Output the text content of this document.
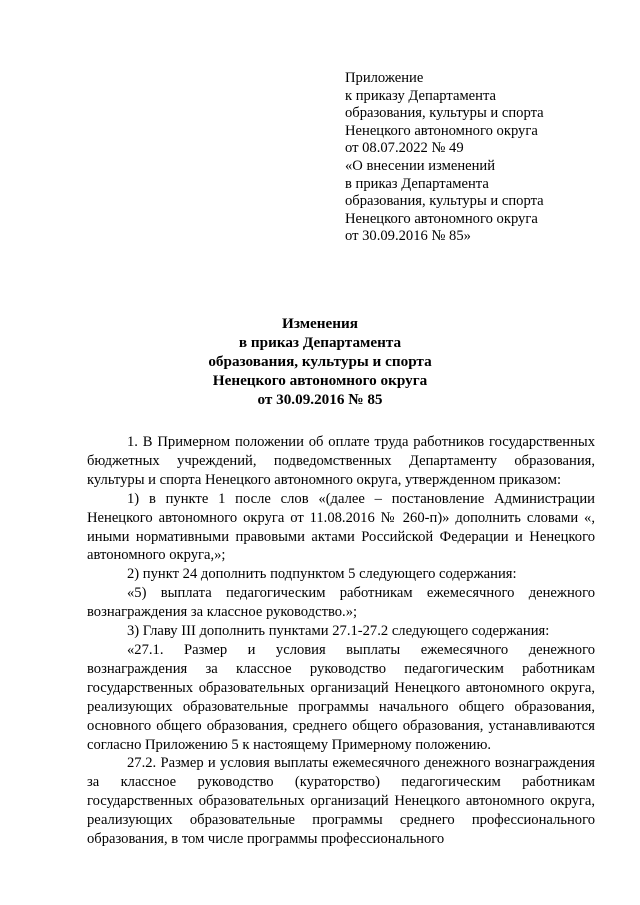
Приложение
к приказу Департамента
образования, культуры и спорта
Ненецкого автономного округа
от 08.07.2022 № 49
«О внесении изменений
в приказ Департамента
образования, культуры и спорта
Ненецкого автономного округа
от 30.09.2016 № 85»
Изменения
в приказ Департамента
образования, культуры и спорта
Ненецкого автономного округа
от 30.09.2016 № 85

1. В Примерном положении об оплате труда работников государственных бюджетных учреждений, подведомственных Департаменту образования, культуры и спорта Ненецкого автономного округа, утвержденном приказом:

1) в пункте 1 после слов «(далее – постановление Администрации Ненецкого автономного округа от 11.08.2016 № 260-п)» дополнить словами «, иными нормативными правовыми актами Российской Федерации и Ненецкого автономного округа,»;

2) пункт 24 дополнить подпунктом 5 следующего содержания:

«5) выплата педагогическим работникам ежемесячного денежного вознаграждения за классное руководство.»;

3) Главу III дополнить пунктами 27.1-27.2 следующего содержания:

«27.1. Размер и условия выплаты ежемесячного денежного вознаграждения за классное руководство педагогическим работникам государственных образовательных организаций Ненецкого автономного округа, реализующих образовательные программы начального общего образования, основного общего образования, среднего общего образования, устанавливаются согласно Приложению 5 к настоящему Примерному положению.

27.2. Размер и условия выплаты ежемесячного денежного вознаграждения за классное руководство (кураторство) педагогическим работникам государственных образовательных организаций Ненецкого автономного округа, реализующих образовательные программы среднего профессионального образования, в том числе программы профессионального
